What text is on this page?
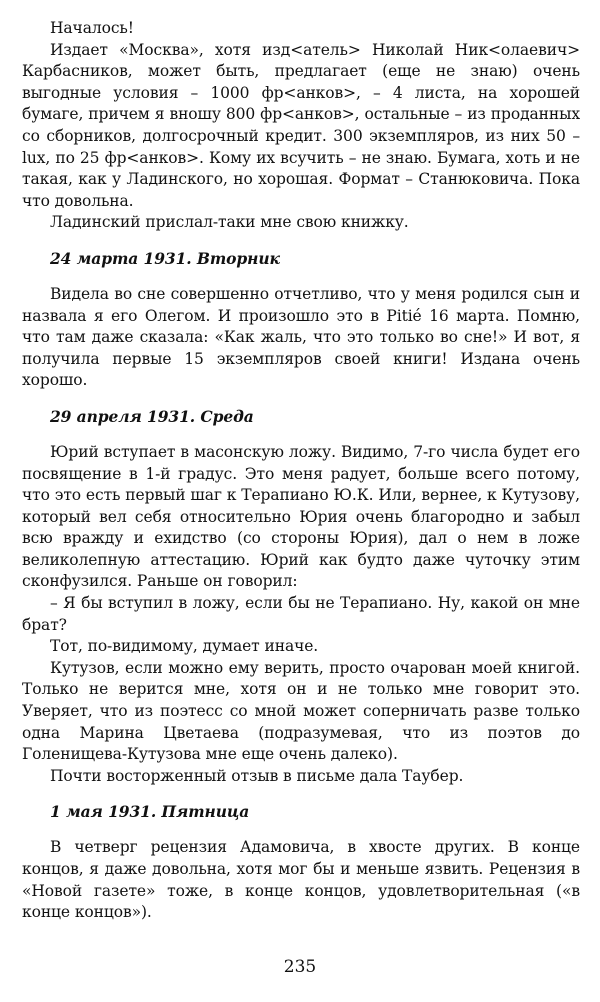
Началось!

Издает «Москва», хотя изд<атель> Николай Ник<олаевич> Карбасников, может быть, предлагает (еще не знаю) очень выгодные условия – 1000 фр<анков>, – 4 листа, на хорошей бумаге, причем я вношу 800 фр<анков>, остальные – из проданных со сборников, долгосрочный кредит. 300 экземпляров, из них 50 – lux, по 25 фр<анков>. Кому их всучить – не знаю. Бумага, хоть и не такая, как у Ладинского, но хорошая. Формат – Станюковича. Пока что довольна.

Ладинский прислал-таки мне свою книжку.

24 марта 1931. Вторник

Видела во сне совершенно отчетливо, что у меня родился сын и назвала я его Олегом. И произошло это в Pitié 16 марта. Помню, что там даже сказала: «Как жаль, что это только во сне!» И вот, я получила первые 15 экземпляров своей книги! Издана очень хорошо.

29 апреля 1931. Среда

Юрий вступает в масонскую ложу. Видимо, 7-го числа будет его посвящение в 1-й градус. Это меня радует, больше всего потому, что это есть первый шаг к Терапиано Ю.К. Или, вернее, к Кутузову, который вел себя относительно Юрия очень благородно и забыл всю вражду и ехидство (со стороны Юрия), дал о нем в ложе великолепную аттестацию. Юрий как будто даже чуточку этим сконфузился. Раньше он говорил:

– Я бы вступил в ложу, если бы не Терапиано. Ну, какой он мне брат?

Тот, по-видимому, думает иначе.

Кутузов, если можно ему верить, просто очарован моей книгой. Только не верится мне, хотя он и не только мне говорит это. Уверяет, что из поэтесс со мной может соперничать разве только одна Марина Цветаева (подразумевая, что из поэтов до Голенищева-Кутузова мне еще очень далеко).

Почти восторженный отзыв в письме дала Таубер.

1 мая 1931. Пятница

В четверг рецензия Адамовича, в хвосте других. В конце концов, я даже довольна, хотя мог бы и меньше язвить. Рецензия в «Новой газете» тоже, в конце концов, удовлетворительная («в конце концов»).

235
